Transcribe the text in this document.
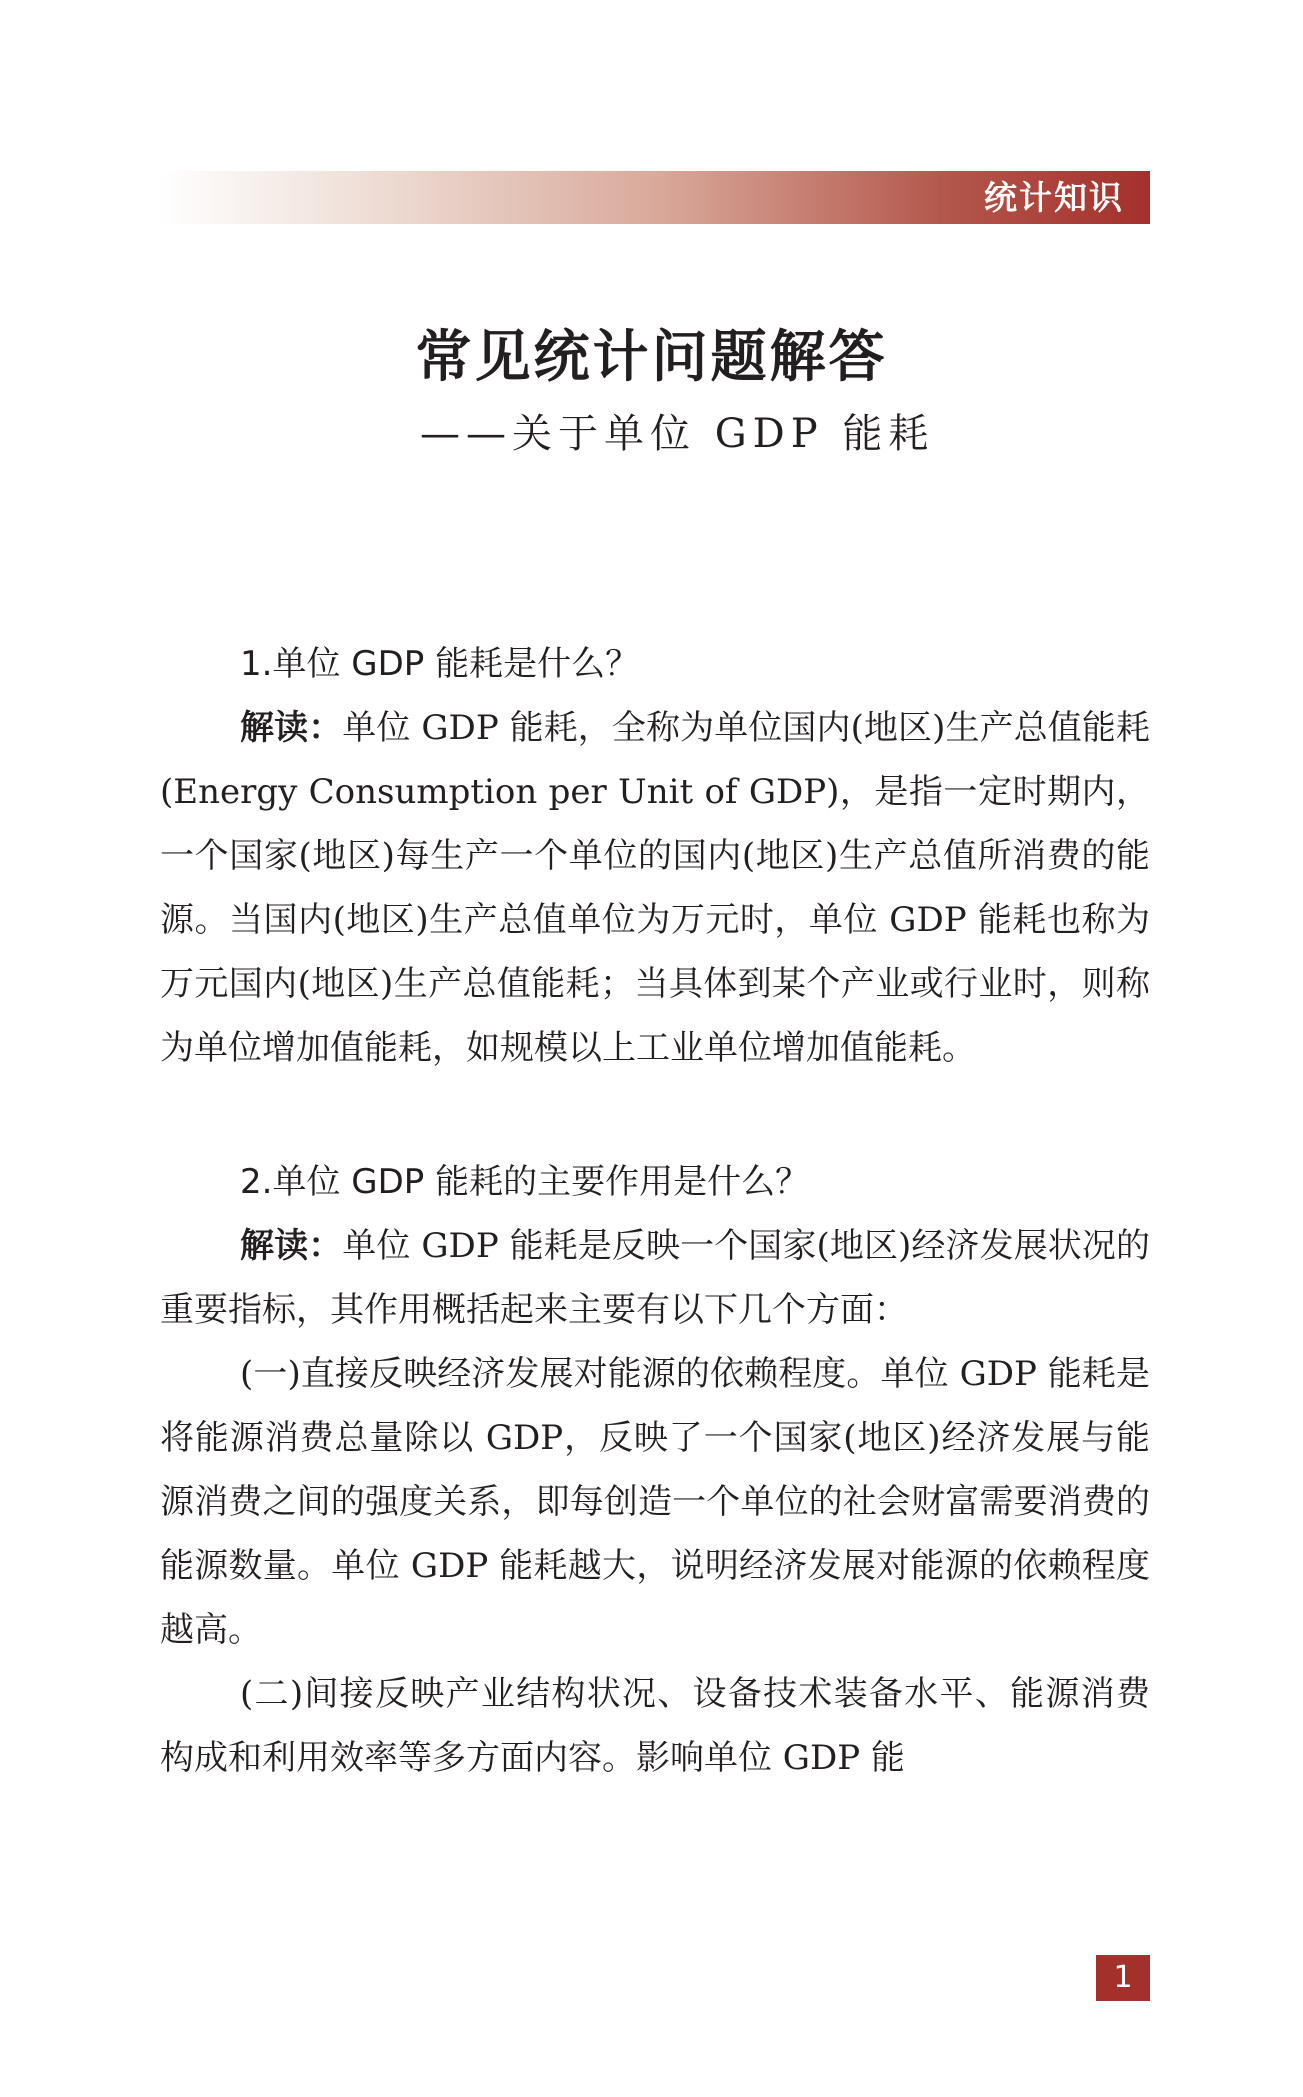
统计知识
常见统计问题解答
——关于单位 GDP 能耗
1.单位 GDP 能耗是什么？

解读：单位 GDP 能耗，全称为单位国内(地区)生产总值能耗(Energy Consumption per Unit of GDP)，是指一定时期内，一个国家(地区)每生产一个单位的国内(地区)生产总值所消费的能源。当国内(地区)生产总值单位为万元时，单位 GDP 能耗也称为万元国内(地区)生产总值能耗；当具体到某个产业或行业时，则称为单位增加值能耗，如规模以上工业单位增加值能耗。

2.单位 GDP 能耗的主要作用是什么？

解读：单位 GDP 能耗是反映一个国家(地区)经济发展状况的重要指标，其作用概括起来主要有以下几个方面：

(一)直接反映经济发展对能源的依赖程度。单位 GDP 能耗是将能源消费总量除以 GDP，反映了一个国家(地区)经济发展与能源消费之间的强度关系，即每创造一个单位的社会财富需要消费的能源数量。单位 GDP 能耗越大，说明经济发展对能源的依赖程度越高。

(二)间接反映产业结构状况、设备技术装备水平、能源消费构成和利用效率等多方面内容。影响单位 GDP 能

1
